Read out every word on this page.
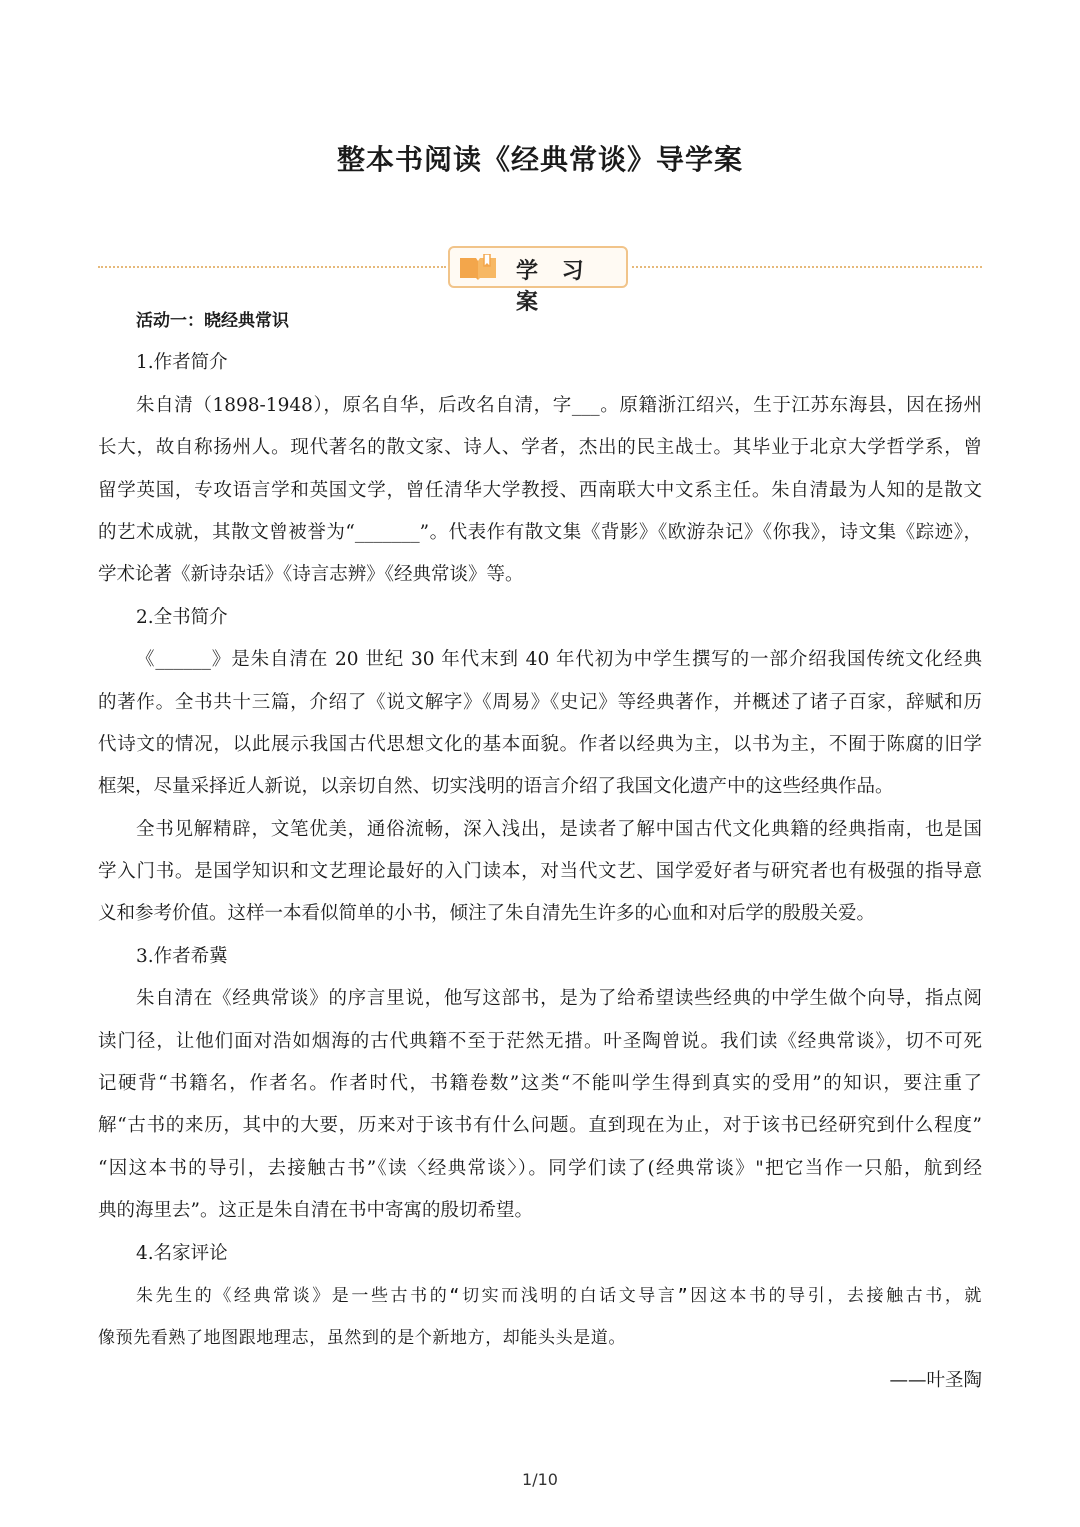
整本书阅读《经典常谈》导学案
学 习 案
活动一：晓经典常识
1.作者简介
朱自清（1898-1948），原名自华，后改名自清，字___。原籍浙江绍兴，生于江苏东海县，因在扬州
长大，故自称扬州人。现代著名的散文家、诗人、学者，杰出的民主战士。其毕业于北京大学哲学系，曾
留学英国，专攻语言学和英国文学，曾任清华大学教授、西南联大中文系主任。朱自清最为人知的是散文
的艺术成就，其散文曾被誉为“_______”。代表作有散文集《背影》《欧游杂记》《你我》，诗文集《踪迹》，
学术论著《新诗杂话》《诗言志辨》《经典常谈》等。
2.全书简介
《______》是朱自清在 20 世纪 30 年代末到 40 年代初为中学生撰写的一部介绍我国传统文化经典
的著作。全书共十三篇，介绍了《说文解字》《周易》《史记》等经典著作，并概述了诸子百家，辞赋和历
代诗文的情况，以此展示我国古代思想文化的基本面貌。作者以经典为主，以书为主，不囿于陈腐的旧学
框架，尽量采择近人新说，以亲切自然、切实浅明的语言介绍了我国文化遗产中的这些经典作品。
全书见解精辟，文笔优美，通俗流畅，深入浅出，是读者了解中国古代文化典籍的经典指南，也是国
学入门书。是国学知识和文艺理论最好的入门读本，对当代文艺、国学爱好者与研究者也有极强的指导意
义和参考价值。这样一本看似简单的小书，倾注了朱自清先生许多的心血和对后学的殷殷关爱。
3.作者希冀
朱自清在《经典常谈》的序言里说，他写这部书，是为了给希望读些经典的中学生做个向导，指点阅
读门径，让他们面对浩如烟海的古代典籍不至于茫然无措。叶圣陶曾说。我们读《经典常谈》，切不可死
记硬背“书籍名，作者名。作者时代，书籍卷数”这类“不能叫学生得到真实的受用”的知识，要注重了
解“古书的来历，其中的大要，历来对于该书有什么问题。直到现在为止，对于该书已经研究到什么程度”
“因这本书的导引，去接触古书”《读〈经典常谈〉）。同学们读了(经典常谈》"把它当作一只船，航到经
典的海里去”。这正是朱自清在书中寄寓的殷切希望。
4.名家评论
朱先生的《经典常谈》是一些古书的“切实而浅明的白话文导言”因这本书的导引，去接触古书，就
像预先看熟了地图跟地理志，虽然到的是个新地方，却能头头是道。
——叶圣陶
1/10
